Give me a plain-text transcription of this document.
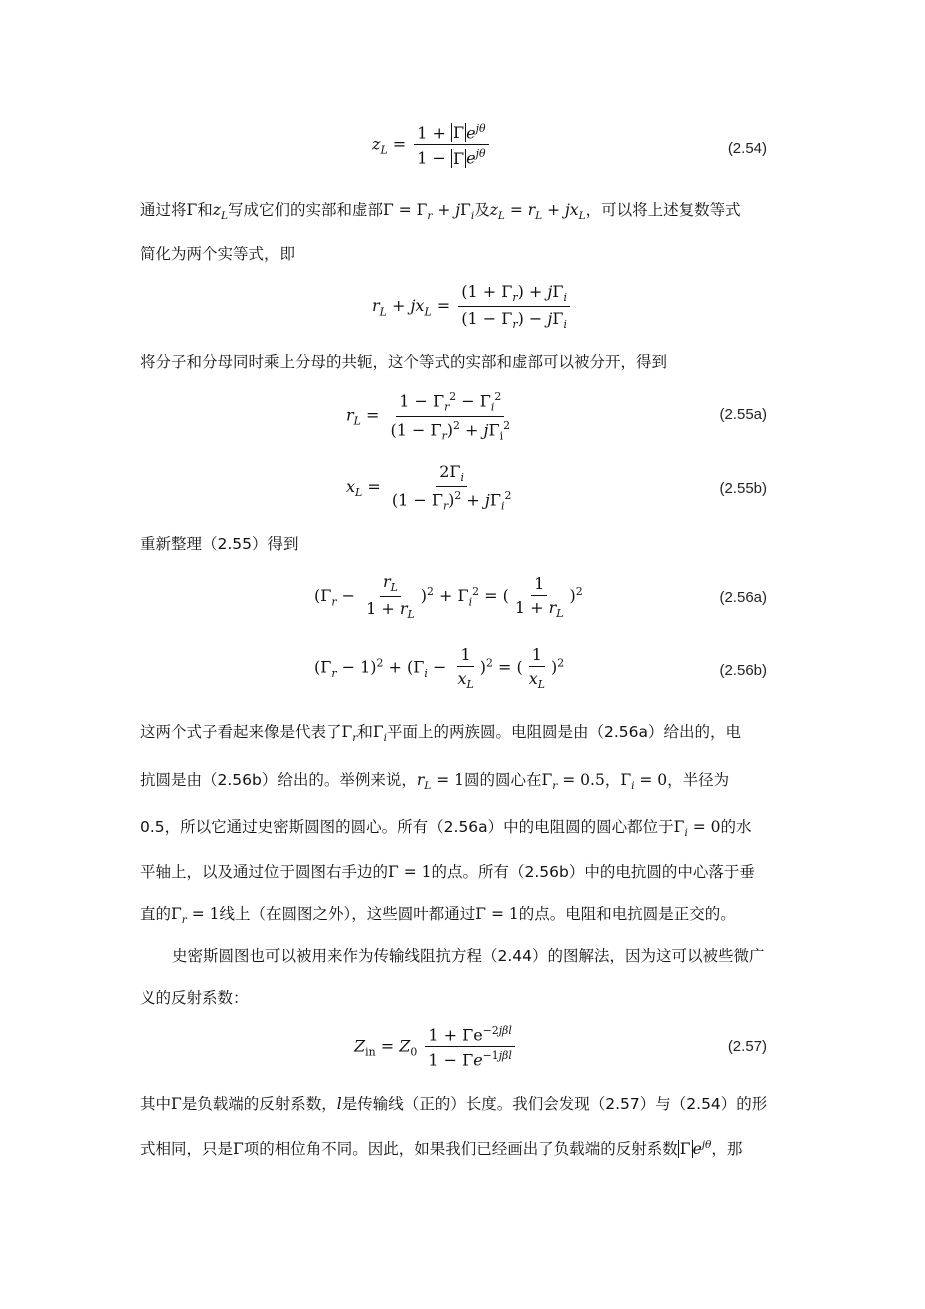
$z_L = \frac{1 + \Gamma e^{j\theta}}{1 - \Gamma e^{j\theta}}$	(2.54)
通过将Γ和$z_L$写成它们的实部和虚部$\Gamma = \Gamma_r + j\Gamma_i$及$z_L = r_L + jx_L$，可以将上述复数等式
简化为两个实等式，即
$r_L + jx_L = \frac{(1 + \Gamma_r) + j\Gamma_i}{(1 - \Gamma_r) - j\Gamma_i}$
将分子和分母同时乘上分母的共轭，这个等式的实部和虚部可以被分开，得到
$r_L = \frac{1 - \Gamma_r^2 - \Gamma_i^2}{(1 - \Gamma_r)^2 + j\Gamma_i^2}$	(2.55a)
$x_L = \frac{2\Gamma_i}{(1 - \Gamma_r)^2 + j\Gamma_i^2}$	(2.55b)
重新整理（2.55）得到
$(\Gamma_r - \frac{r_L}{1 + r_L} )^2 + \Gamma_i^2$ = ( $\frac{1}{1 + r_L} )^2$	(2.56a)
$(\Gamma_r - 1)^2 + (\Gamma_i - \frac{1}{x_L} )^2$ = ( $\frac{1}{x_L} )^2$	(2.56b)
这两个式子看起来像是代表了$\Gamma_r$和$\Gamma_i$平面上的两族圆。电阻圆是由（2.56a）给出的，电
抗圆是由（2.56b）给出的。举例来说，$r_L = 1$圆的圆心在$\Gamma_r = 0.5$，$\Gamma_i = 0$，半径为
0.5，所以它通过史密斯圆图的圆心。所有（2.56a）中的电阻圆的圆心都位于$\Gamma_i = 0$的水
平轴上，以及通过位于圆图右手边的Γ = 1的点。所有（2.56b）中的电抗圆的中心落于垂
直的$\Gamma_r = 1$线上（在圆图之外），这些圆叶都通过Γ = 1的点。电阻和电抗圆是正交的。
史密斯圆图也可以被用来作为传输线阻抗方程（2.44）的图解法，因为这可以被些微广
义的反射系数：
$Z_{in} = Z_0 \frac{1 + \Gamma e^{-2j\beta l}}{1 - \Gamma e^{-1j\beta l}}$	(2.57)
其中Γ是负载端的反射系数，l是传输线（正的）长度。我们会发现（2.57）与（2.54）的形
式相同，只是Γ项的相位角不同。因此，如果我们已经画出了负载端的反射系数 Γ $e^{j\theta}$，那
